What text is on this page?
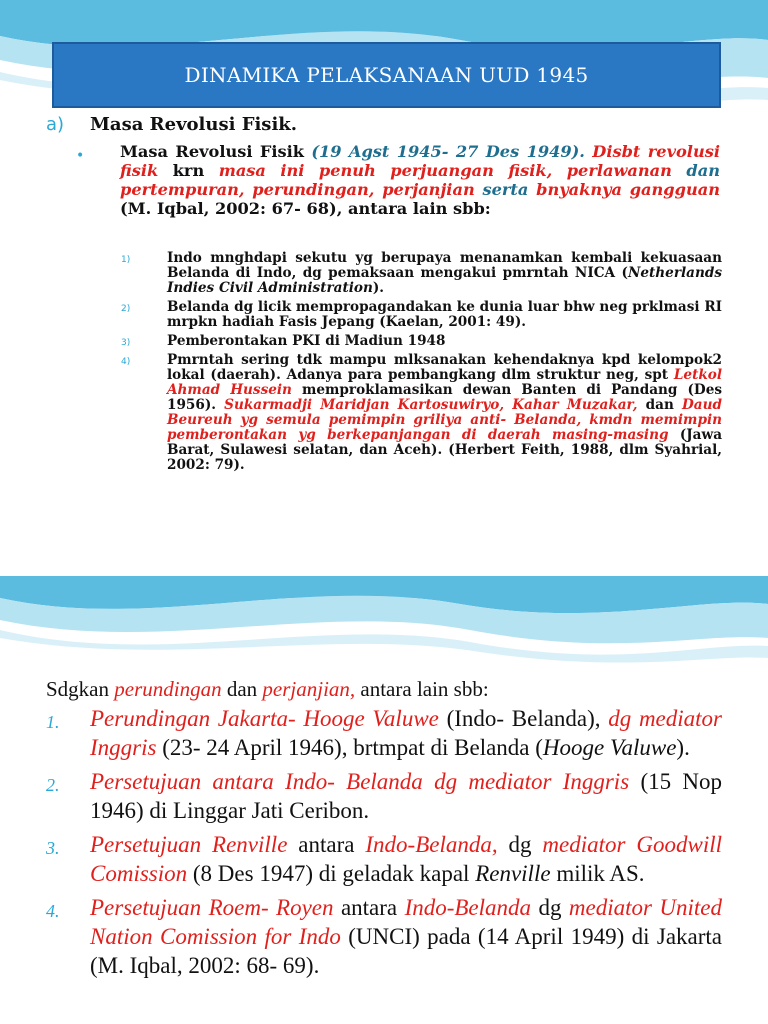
DINAMIKA PELAKSANAAN UUD 1945
a) Masa Revolusi Fisik.
• Masa Revolusi Fisik (19 Agst 1945- 27 Des 1949). Disbt revolusi fisik krn masa ini penuh perjuangan fisik, perlawanan dan pertempuran, perundingan, perjanjian serta bnyaknya gangguan (M. Iqbal, 2002: 67- 68), antara lain sbb:
1)	Indo mnghdapi sekutu yg berupaya menanamkan kembali kekuasaan Belanda di Indo, dg pemaksaan mengakui pmrntah NICA (Netherlands Indies Civil Administration).
2)	Belanda dg licik mempropagandakan ke dunia luar bhw neg prklmasi RI mrpkn hadiah Fasis Jepang (Kaelan, 2001: 49).
3)	Pemberontakan PKI di Madiun 1948
4)	Pmrntah sering tdk mampu mlksanakan kehendaknya kpd kelompok2 lokal (daerah). Adanya para pembangkang dlm struktur neg, spt Letkol Ahmad Hussein memproklamasikan dewan Banten di Pandang (Des 1956). Sukarmadji Maridjan Kartosuwiryo, Kahar Muzakar, dan Daud Beureuh yg semula pemimpin griliya anti- Belanda, kmdn memimpin pemberontakan yg berkepanjangan di daerah masing-masing (Jawa Barat, Sulawesi selatan, dan Aceh). (Herbert Feith, 1988, dlm Syahrial, 2002: 79).
Sdgkan perundingan dan perjanjian, antara lain sbb:
1. Perundingan Jakarta- Hooge Valuwe (Indo- Belanda), dg mediator Inggris (23- 24 April 1946), brtmpat di Belanda (Hooge Valuwe).
2. Persetujuan antara Indo- Belanda dg mediator Inggris (15 Nop 1946) di Linggar Jati Ceribon.
3. Persetujuan Renville antara Indo-Belanda, dg mediator Goodwill Comission (8 Des 1947) di geladak kapal Renville milik AS.
4. Persetujuan Roem- Royen antara Indo-Belanda dg mediator United Nation Comission for Indo (UNCI) pada (14 April 1949) di Jakarta (M. Iqbal, 2002: 68- 69).
